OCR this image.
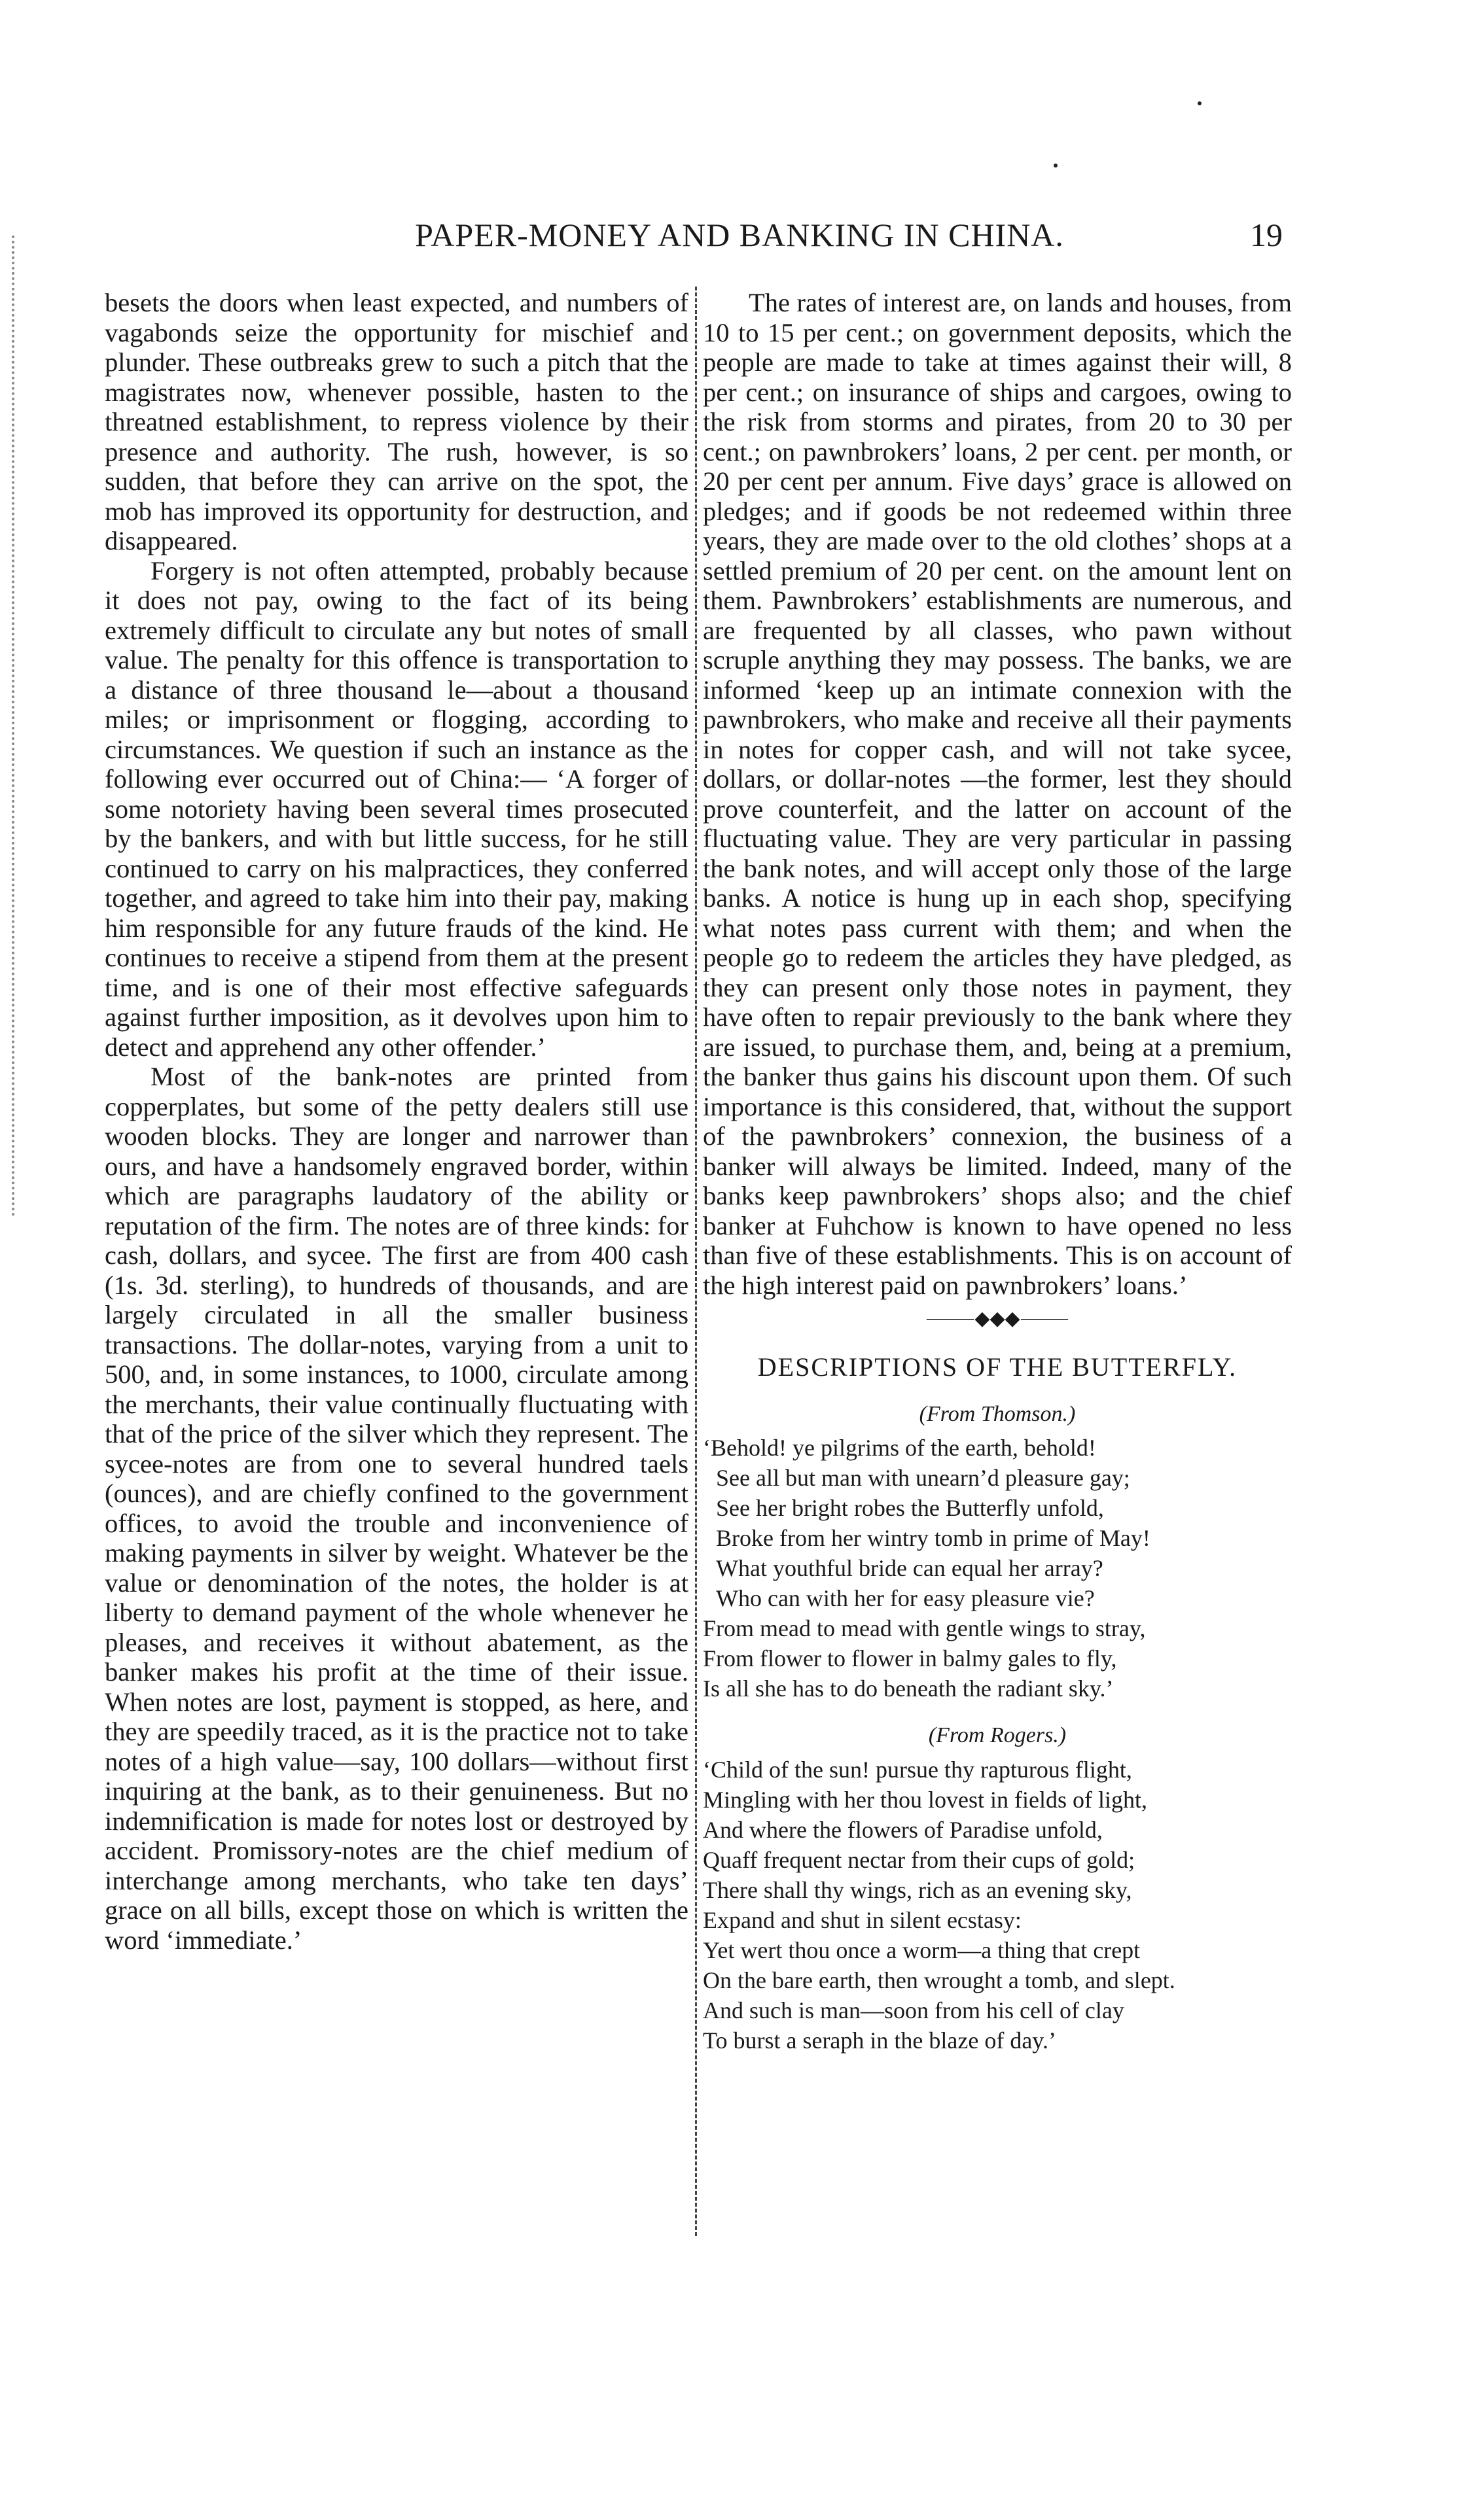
PAPER-MONEY AND BANKING IN CHINA.	19

besets the doors when least expected, and numbers of vagabonds seize the opportunity for mischief and plunder. These outbreaks grew to such a pitch that the magistrates now, whenever possible, hasten to the threatned establishment, to repress violence by their presence and authority. The rush, however, is so sudden, that before they can arrive on the spot, the mob has improved its opportunity for destruction, and disappeared.

Forgery is not often attempted, probably because it does not pay, owing to the fact of its being extremely difficult to circulate any but notes of small value. The penalty for this offence is transportation to a distance of three thousand le—about a thousand miles; or imprisonment or flogging, according to circumstances. We question if such an instance as the following ever occurred out of China:— ‘A forger of some notoriety having been several times prosecuted by the bankers, and with but little success, for he still continued to carry on his malpractices, they conferred together, and agreed to take him into their pay, making him responsible for any future frauds of the kind. He continues to receive a stipend from them at the present time, and is one of their most effective safeguards against further imposition, as it devolves upon him to detect and apprehend any other offender.’

Most of the bank-notes are printed from copperplates, but some of the petty dealers still use wooden blocks. They are longer and narrower than ours, and have a handsomely engraved border, within which are paragraphs laudatory of the ability or reputation of the firm. The notes are of three kinds: for cash, dollars, and sycee. The first are from 400 cash (1s. 3d. sterling), to hundreds of thousands, and are largely circulated in all the smaller business transactions. The dollar-notes, varying from a unit to 500, and, in some instances, to 1000, circulate among the merchants, their value continually fluctuating with that of the price of the silver which they represent. The sycee-notes are from one to several hundred taels (ounces), and are chiefly confined to the government offices, to avoid the trouble and inconvenience of making payments in silver by weight. Whatever be the value or denomination of the notes, the holder is at liberty to demand payment of the whole whenever he pleases, and receives it without abatement, as the banker makes his profit at the time of their issue. When notes are lost, payment is stopped, as here, and they are speedily traced, as it is the practice not to take notes of a high value—say, 100 dollars—without first inquiring at the bank, as to their genuineness. But no indemnification is made for notes lost or destroyed by accident. Promissory-notes are the chief medium of interchange among merchants, who take ten days’ grace on all bills, except those on which is written the word ‘immediate.’

The rates of interest are, on lands and houses, from 10 to 15 per cent.; on government deposits, which the people are made to take at times against their will, 8 per cent.; on insurance of ships and cargoes, owing to the risk from storms and pirates, from 20 to 30 per cent.; on pawnbrokers’ loans, 2 per cent. per month, or 20 per cent per annum. Five days’ grace is allowed on pledges; and if goods be not redeemed within three years, they are made over to the old clothes’ shops at a settled premium of 20 per cent. on the amount lent on them. Pawnbrokers’ establishments are numerous, and are frequented by all classes, who pawn without scruple anything they may possess. The banks, we are informed ‘keep up an intimate connexion with the pawnbrokers, who make and receive all their payments in notes for copper cash, and will not take sycee, dollars, or dollar-notes —the former, lest they should prove counterfeit, and the latter on account of the fluctuating value. They are very particular in passing the bank notes, and will accept only those of the large banks. A notice is hung up in each shop, specifying what notes pass current with them; and when the people go to redeem the articles they have pledged, as they can present only those notes in payment, they have often to repair previously to the bank where they are issued, to purchase them, and, being at a premium, the banker thus gains his discount upon them. Of such importance is this considered, that, without the support of the pawnbrokers’ connexion, the business of a banker will always be limited. Indeed, many of the banks keep pawnbrokers’ shops also; and the chief banker at Fuhchow is known to have opened no less than five of these establishments. This is on account of the high interest paid on pawnbrokers’ loans.’

⸻◆◆◆⸻
DESCRIPTIONS OF THE BUTTERFLY.
(From Thomson.)
‘Behold! ye pilgrims of the earth, behold!
See all but man with unearn’d pleasure gay;
See her bright robes the Butterfly unfold,
Broke from her wintry tomb in prime of May!
What youthful bride can equal her array?
Who can with her for easy pleasure vie?
From mead to mead with gentle wings to stray,
From flower to flower in balmy gales to fly,
Is all she has to do beneath the radiant sky.’
(From Rogers.)
‘Child of the sun! pursue thy rapturous flight,
Mingling with her thou lovest in fields of light,
And where the flowers of Paradise unfold,
Quaff frequent nectar from their cups of gold;
There shall thy wings, rich as an evening sky,
Expand and shut in silent ecstasy:
Yet wert thou once a worm—a thing that crept
On the bare earth, then wrought a tomb, and slept.
And such is man—soon from his cell of clay
To burst a seraph in the blaze of day.’
